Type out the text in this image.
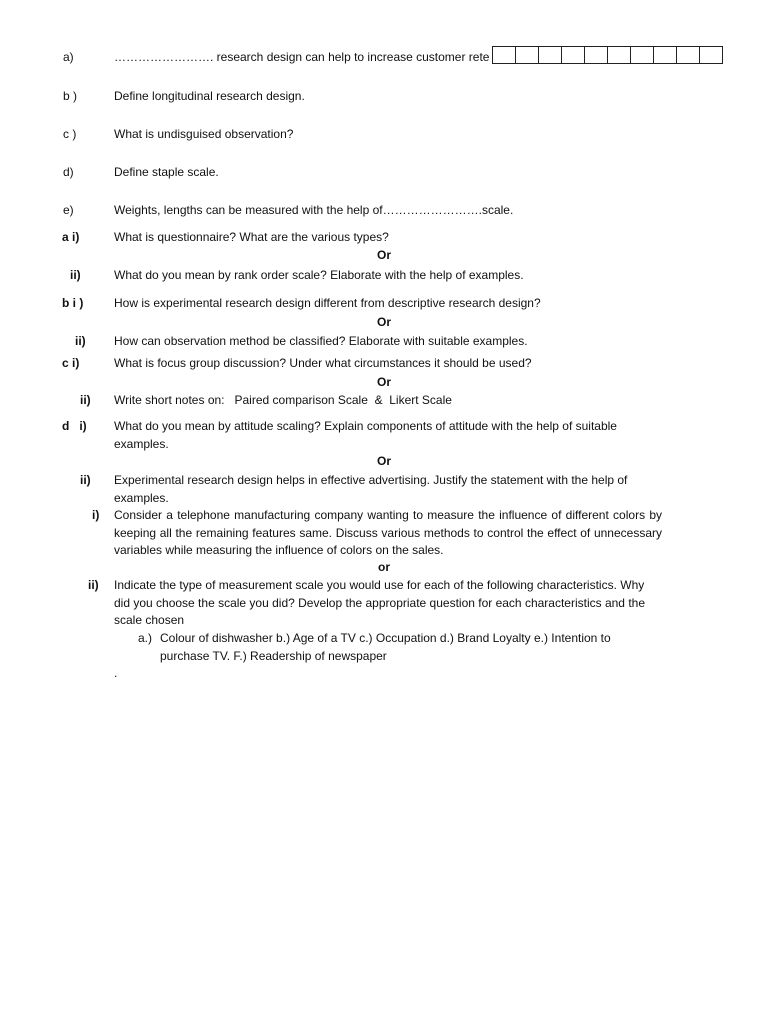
a)	……………………. research design can help to increase customer rete
b )	Define longitudinal research design.
c )	What is undisguised observation?
d)	Define staple scale.
e)	Weights, lengths can be measured with the help of…………………….scale.
a i)	What is questionnaire? What are the various types?
Or
ii)	What do you mean by rank order scale? Elaborate with the help of examples.
b i )	How is experimental research design different from descriptive research design?
Or
ii) How can observation method be classified? Elaborate with suitable examples.
c i)	What is focus group discussion? Under what circumstances it should be used?
Or
ii) Write short notes on:   Paired comparison Scale  &  Likert Scale
d   i) What do you mean by attitude scaling? Explain components of attitude with the help of suitable examples.
Or
ii) Experimental research design helps in effective advertising. Justify the statement with the help of examples.
i) Consider a telephone manufacturing company wanting to measure the influence of different colors by keeping all the remaining features same. Discuss various methods to control the effect of unnecessary variables while measuring the influence of colors on the sales.
or
ii) Indicate the type of measurement scale you would use for each of the following characteristics. Why did you choose the scale you did? Develop the appropriate question for each characteristics and the scale chosen
a.) Colour of dishwasher b.) Age of a TV c.) Occupation d.) Brand Loyalty e.) Intention to purchase TV. F.) Readership of newspaper
.
